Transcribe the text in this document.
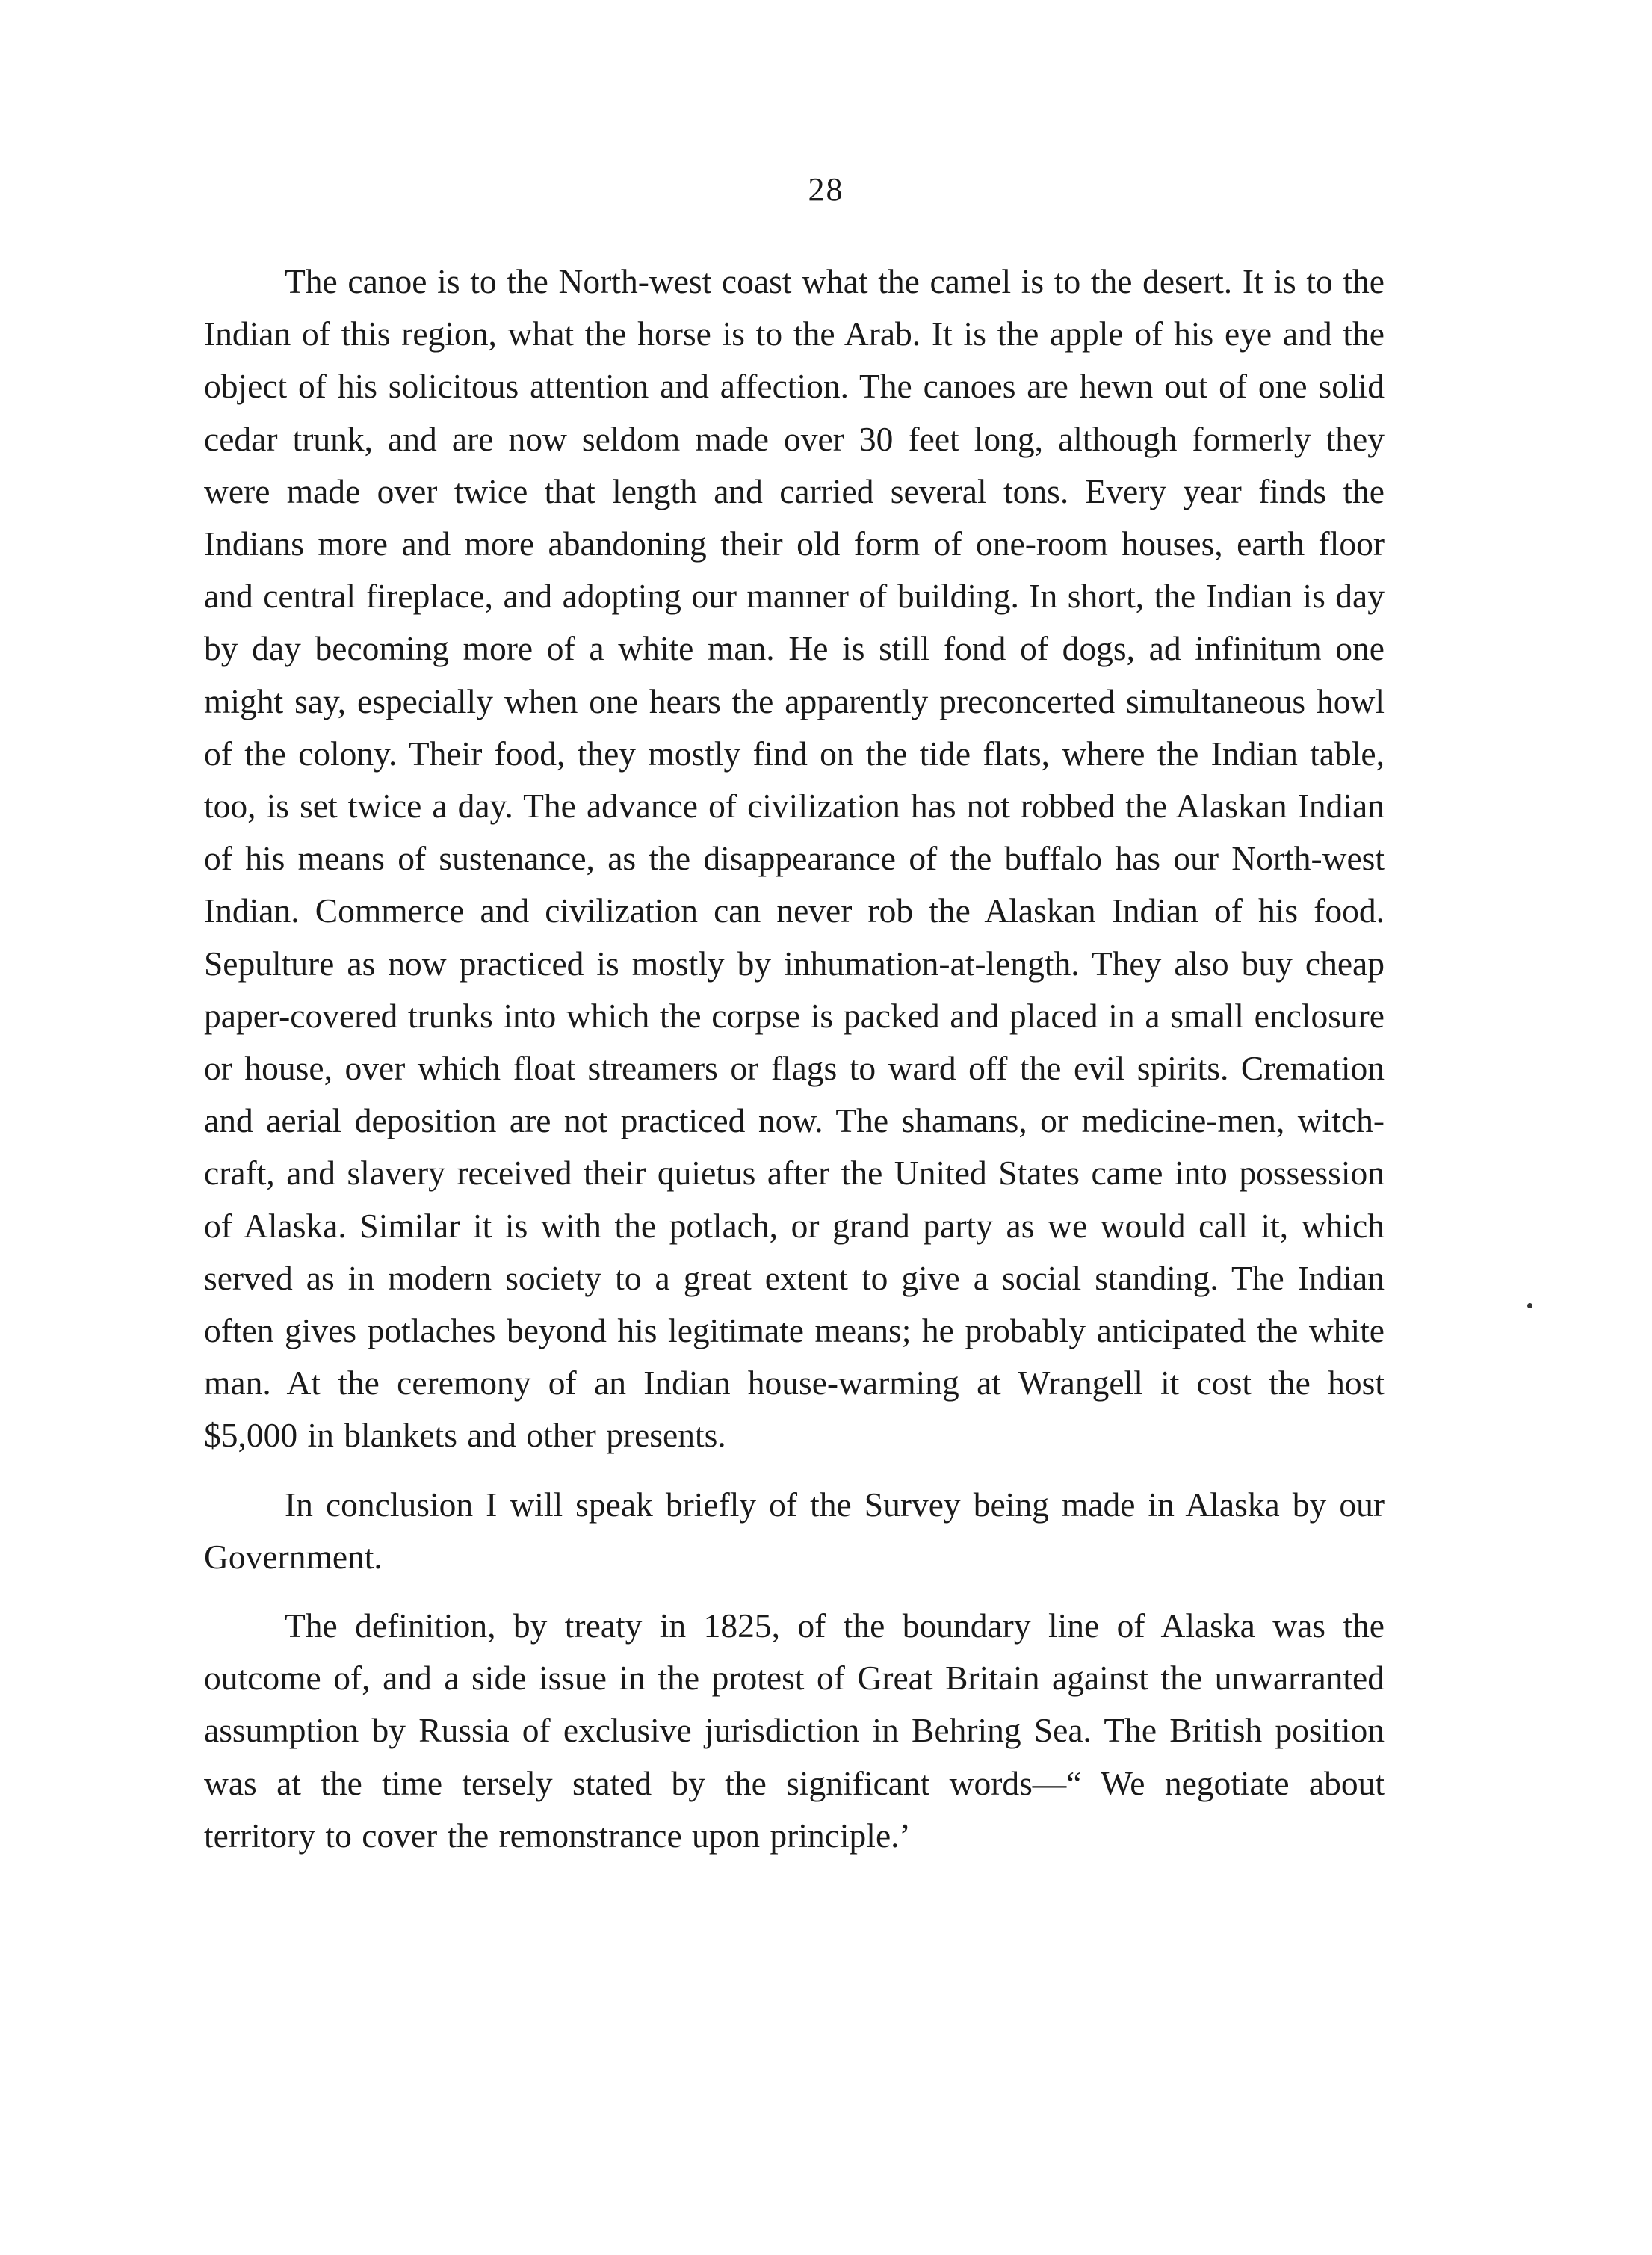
28

The canoe is to the North-west coast what the camel is to the desert. It is to the Indian of this region, what the horse is to the Arab. It is the apple of his eye and the object of his solicitous attention and affection. The canoes are hewn out of one solid cedar trunk, and are now seldom made over 30 feet long, although formerly they were made over twice that length and carried several tons. Every year finds the Indians more and more abandoning their old form of one-room houses, earth floor and central fireplace, and adopting our manner of building. In short, the Indian is day by day becoming more of a white man. He is still fond of dogs, ad infinitum one might say, especially when one hears the apparently preconcerted simultaneous howl of the colony. Their food, they mostly find on the tide flats, where the Indian table, too, is set twice a day. The advance of civilization has not robbed the Alaskan Indian of his means of sustenance, as the disappearance of the buffalo has our North-west Indian. Commerce and civilization can never rob the Alaskan Indian of his food. Sepulture as now practiced is mostly by inhumation-at-length. They also buy cheap paper-covered trunks into which the corpse is packed and placed in a small enclosure or house, over which float streamers or flags to ward off the evil spirits. Cremation and aerial deposition are not practiced now. The shamans, or medicine-men, witch-craft, and slavery received their quietus after the United States came into possession of Alaska. Similar it is with the potlach, or grand party as we would call it, which served as in modern society to a great extent to give a social standing. The Indian often gives potlaches beyond his legitimate means; he probably anticipated the white man. At the ceremony of an Indian house-warming at Wrangell it cost the host $5,000 in blankets and other presents.

In conclusion I will speak briefly of the Survey being made in Alaska by our Government.

The definition, by treaty in 1825, of the boundary line of Alaska was the outcome of, and a side issue in the protest of Great Britain against the unwarranted assumption by Russia of exclusive jurisdiction in Behring Sea. The British position was at the time tersely stated by the significant words—“ We negotiate about territory to cover the remonstrance upon principle.’
